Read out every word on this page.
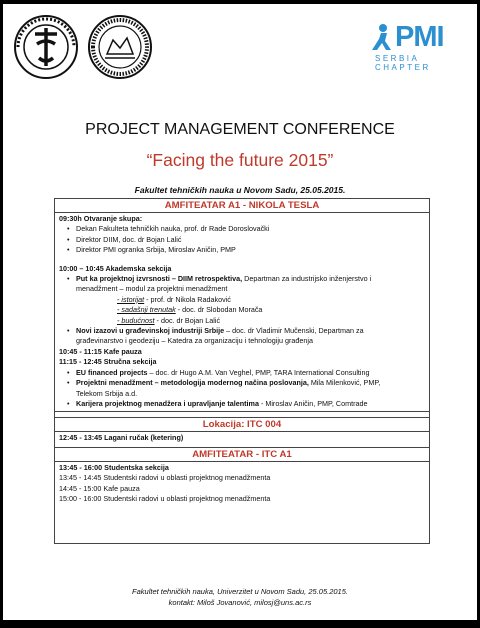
PMI
SERBIA CHAPTER
PROJECT MANAGEMENT CONFERENCE
“Facing the future 2015”
Fakultet tehničkih nauka u Novom Sadu, 25.05.2015.
AMFITEATAR A1 - NIKOLA TESLA
09:30h Otvaranje skupa:
• Dekan Fakulteta tehničkih nauka, prof. dr Rade Doroslovački
• Direktor DIIM, doc. dr Bojan Lalić
• Direktor PMI ogranka Srbija, Miroslav Aničin, PMP
10:00 – 10:45 Akademska sekcija
• Put ka projektnoj izvrsnosti – DIIM retrospektiva, Departman za industrijsko inženjerstvo i
menadžment – modul za projektni menadžment
- istorijat - prof. dr Nikola Radaković
- sadašnji trenutak - doc. dr Slobodan Morača
- budućnost - doc. dr Bojan Lalić
• Novi izazovi u građevinskoj industriji Srbije – doc. dr Vladimir Mučenski, Departman za
građevinarstvo i geodeziju – Katedra za organizaciju i tehnologiju građenja
10:45 - 11:15 Kafe pauza
11:15 - 12:45 Stručna sekcija
• EU financed projects – doc. dr Hugo A.M. Van Veghel, PMP, TARA International Consulting
• Projektni menadžment – metodologija modernog načina poslovanja, Mila Milenković, PMP,
Telekom Srbija a.d.
• Karijera projektnog menadžera i upravljanje talentima - Miroslav Aničin, PMP, Comtrade
Lokacija: ITC 004
12:45 - 13:45 Lagani ručak (ketering)
AMFITEATAR - ITC A1
13:45 - 16:00 Studentska sekcija
13:45 - 14:45 Studentski radovi u oblasti projektnog menadžmenta
14:45 - 15:00 Kafe pauza
15:00 - 16:00 Studentski radovi u oblasti projektnog menadžmenta
Fakultet tehničkih nauka, Univerzitet u Novom Sadu, 25.05.2015.
kontakt: Miloš Jovanović, milosj@uns.ac.rs
